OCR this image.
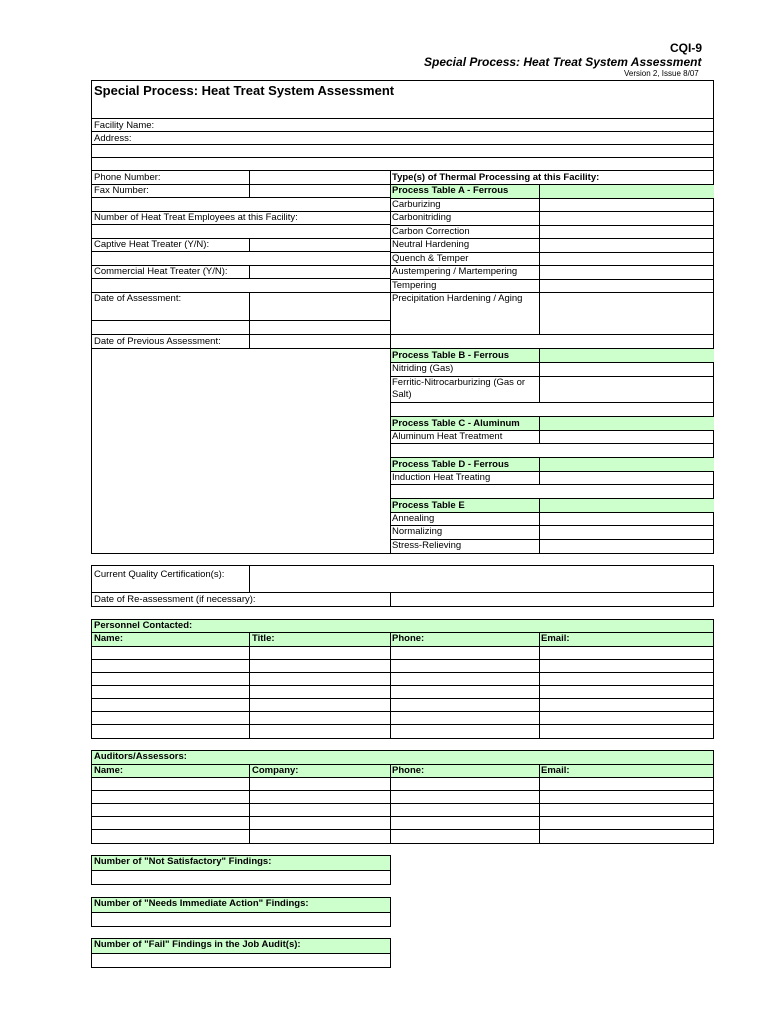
CQI-9
Special Process: Heat Treat System Assessment
Version 2, Issue 8/07
Special Process: Heat Treat System Assessment
Facility Name:
Address:
Phone Number:
Fax Number:
Number of Heat Treat Employees at this Facility:
Captive Heat Treater (Y/N):
Commercial Heat Treater (Y/N):
Date of Assessment:
Date of Previous Assessment:
Type(s) of Thermal Processing at this Facility:
Process Table A - Ferrous
Carburizing
Carbonitriding
Carbon Correction
Neutral Hardening
Quench & Temper
Austempering / Martempering
Tempering
Precipitation Hardening / Aging
Process Table B - Ferrous
Nitriding (Gas)
Ferritic-Nitrocarburizing (Gas or
Salt)
Process Table C - Aluminum
Aluminum Heat Treatment
Process Table D - Ferrous
Induction Heat Treating
Process Table E
Annealing
Normalizing
Stress-Relieving
Current Quality Certification(s):
Date of Re-assessment (if necessary):
Personnel Contacted:
Name:	Title:	Phone:	Email:
Auditors/Assessors:
Name:	Company:	Phone:	Email:
Number of "Not Satisfactory" Findings:
Number of "Needs Immediate Action" Findings:
Number of "Fail" Findings in the Job Audit(s):
